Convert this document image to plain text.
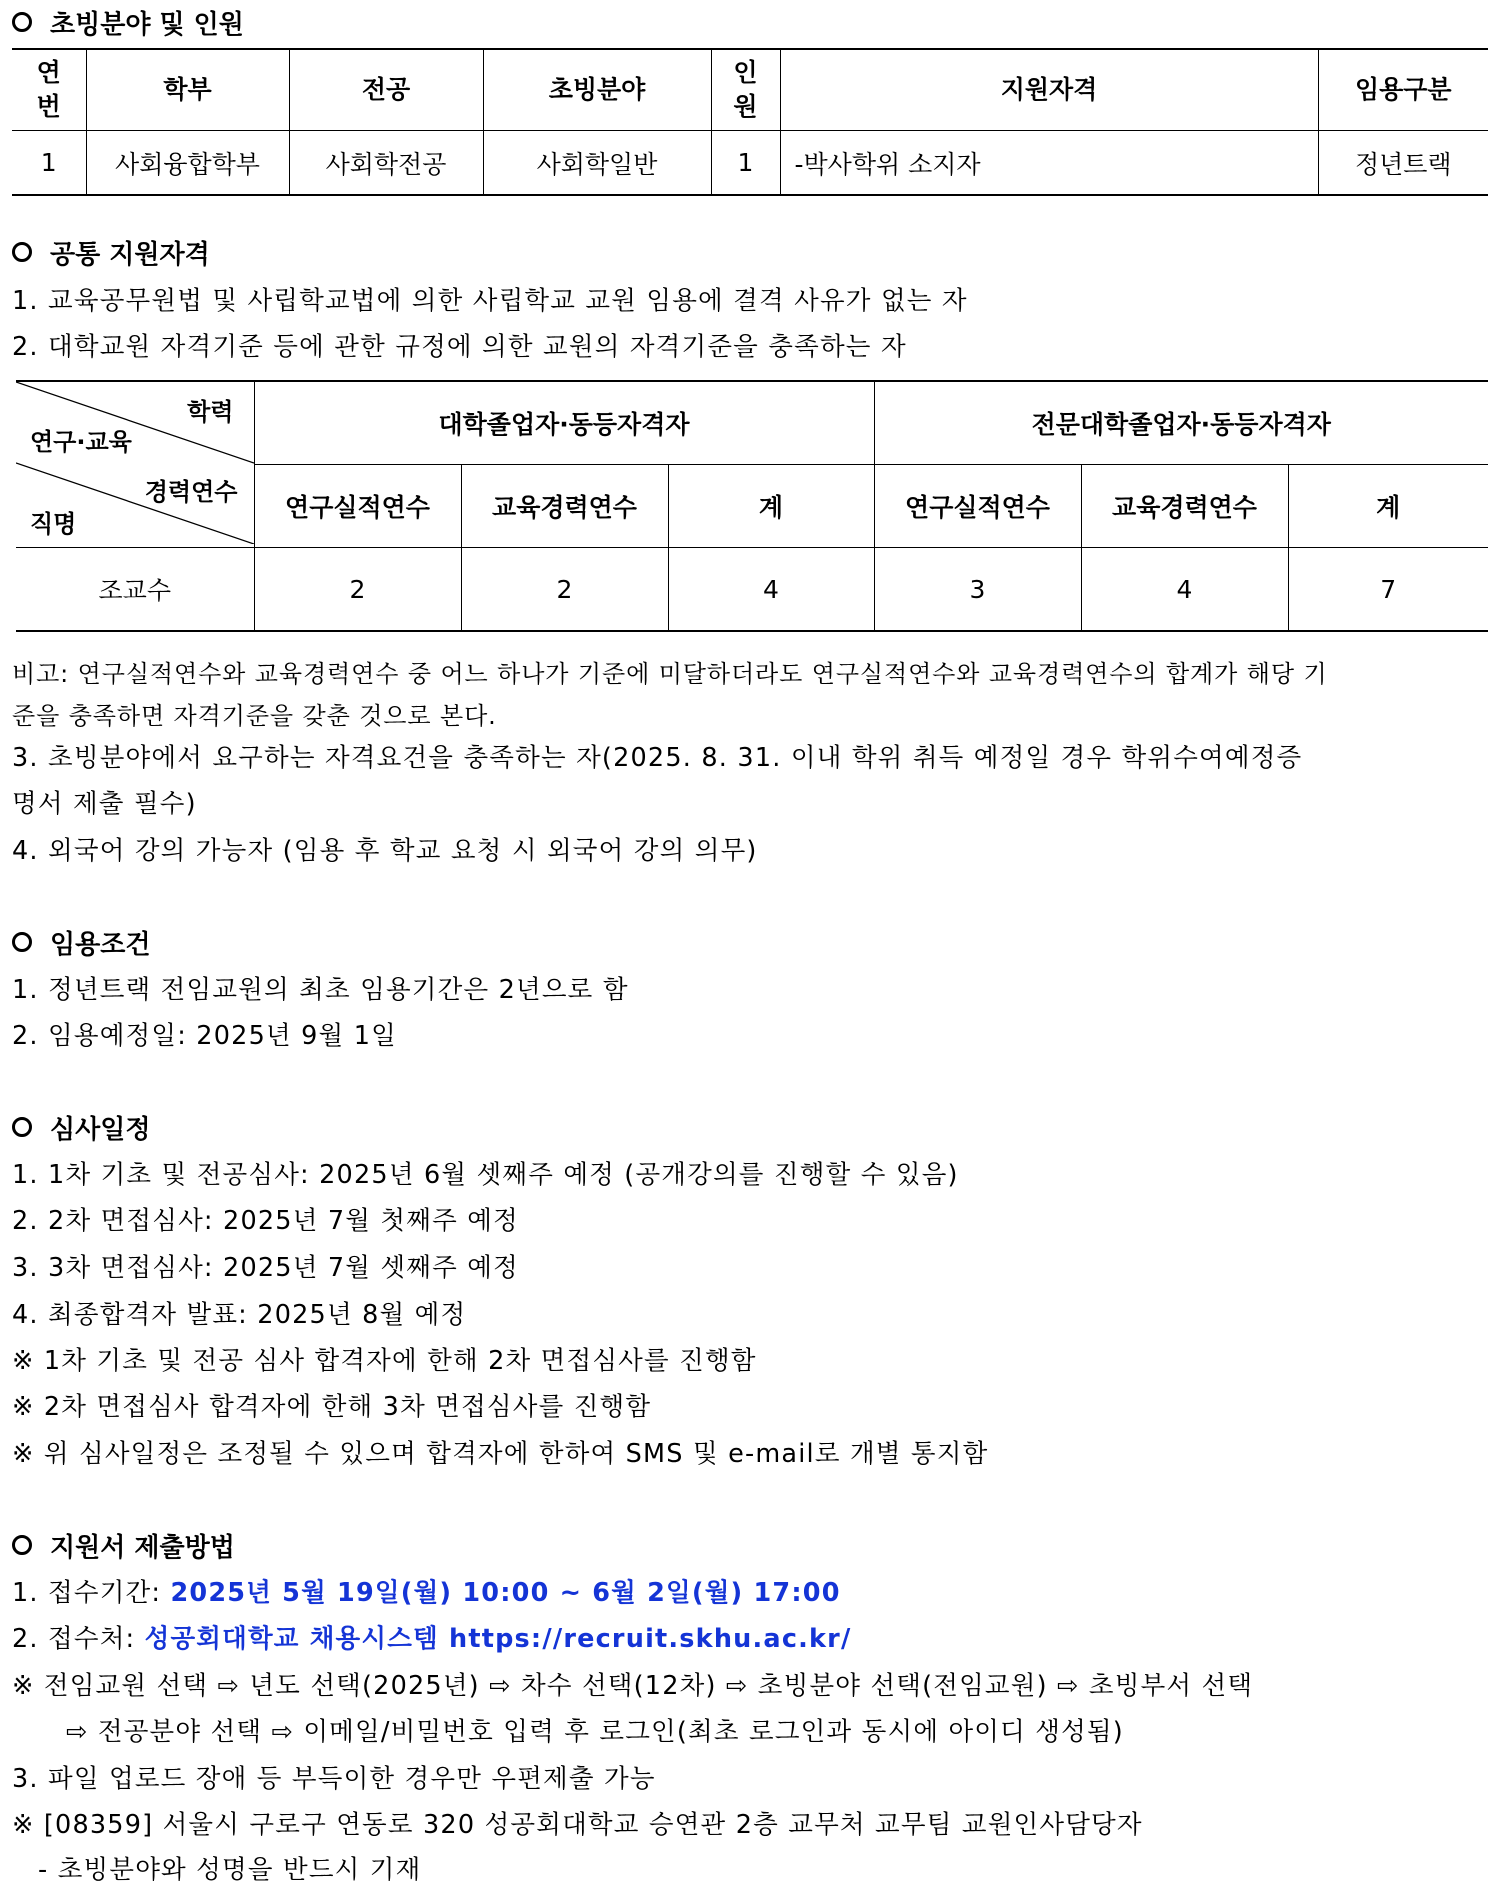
초빙분야 및 인원
연
번	학부	전공	초빙분야	인
원	지원자격	임용구분
1	사회융합학부	사회학전공	사회학일반	1	-박사학위 소지자	정년트랙
공통 지원자격
1. 교육공무원법 및 사립학교법에 의한 사립학교 교원 임용에 결격 사유가 없는 자
2. 대학교원 자격기준 등에 관한 규정에 의한 교원의 자격기준을 충족하는 자
학력
연구·교육
경력연수
직명	대학졸업자·동등자격자			전문대학졸업자·동등자격자		
	연구실적연수	교육경력연수	계	연구실적연수	교육경력연수	계
조교수	2	2	4	3	4	7
비고: 연구실적연수와 교육경력연수 중 어느 하나가 기준에 미달하더라도 연구실적연수와 교육경력연수의 합계가 해당 기
준을 충족하면 자격기준을 갖춘 것으로 본다.
3. 초빙분야에서 요구하는 자격요건을 충족하는 자(2025. 8. 31. 이내 학위 취득 예정일 경우 학위수여예정증
명서 제출 필수)
4. 외국어 강의 가능자 (임용 후 학교 요청 시 외국어 강의 의무)
임용조건
1. 정년트랙 전임교원의 최초 임용기간은 2년으로 함
2. 임용예정일: 2025년 9월 1일
심사일정
1. 1차 기초 및 전공심사: 2025년 6월 셋째주 예정 (공개강의를 진행할 수 있음)
2. 2차 면접심사: 2025년 7월 첫째주 예정
3. 3차 면접심사: 2025년 7월 셋째주 예정
4. 최종합격자 발표: 2025년 8월 예정
※ 1차 기초 및 전공 심사 합격자에 한해 2차 면접심사를 진행함
※ 2차 면접심사 합격자에 한해 3차 면접심사를 진행함
※ 위 심사일정은 조정될 수 있으며 합격자에 한하여 SMS 및 e-mail로 개별 통지함
지원서 제출방법
1. 접수기간: 2025년 5월 19일(월) 10:00 ~ 6월 2일(월) 17:00
2. 접수처: 성공회대학교 채용시스템 https://recruit.skhu.ac.kr/
※ 전임교원 선택 ⇨ 년도 선택(2025년) ⇨ 차수 선택(12차) ⇨ 초빙분야 선택(전임교원) ⇨ 초빙부서 선택
⇨ 전공분야 선택 ⇨ 이메일/비밀번호 입력 후 로그인(최초 로그인과 동시에 아이디 생성됨)
3. 파일 업로드 장애 등 부득이한 경우만 우편제출 가능
※ [08359] 서울시 구로구 연동로 320 성공회대학교 승연관 2층 교무처 교무팀 교원인사담당자
- 초빙분야와 성명을 반드시 기재
